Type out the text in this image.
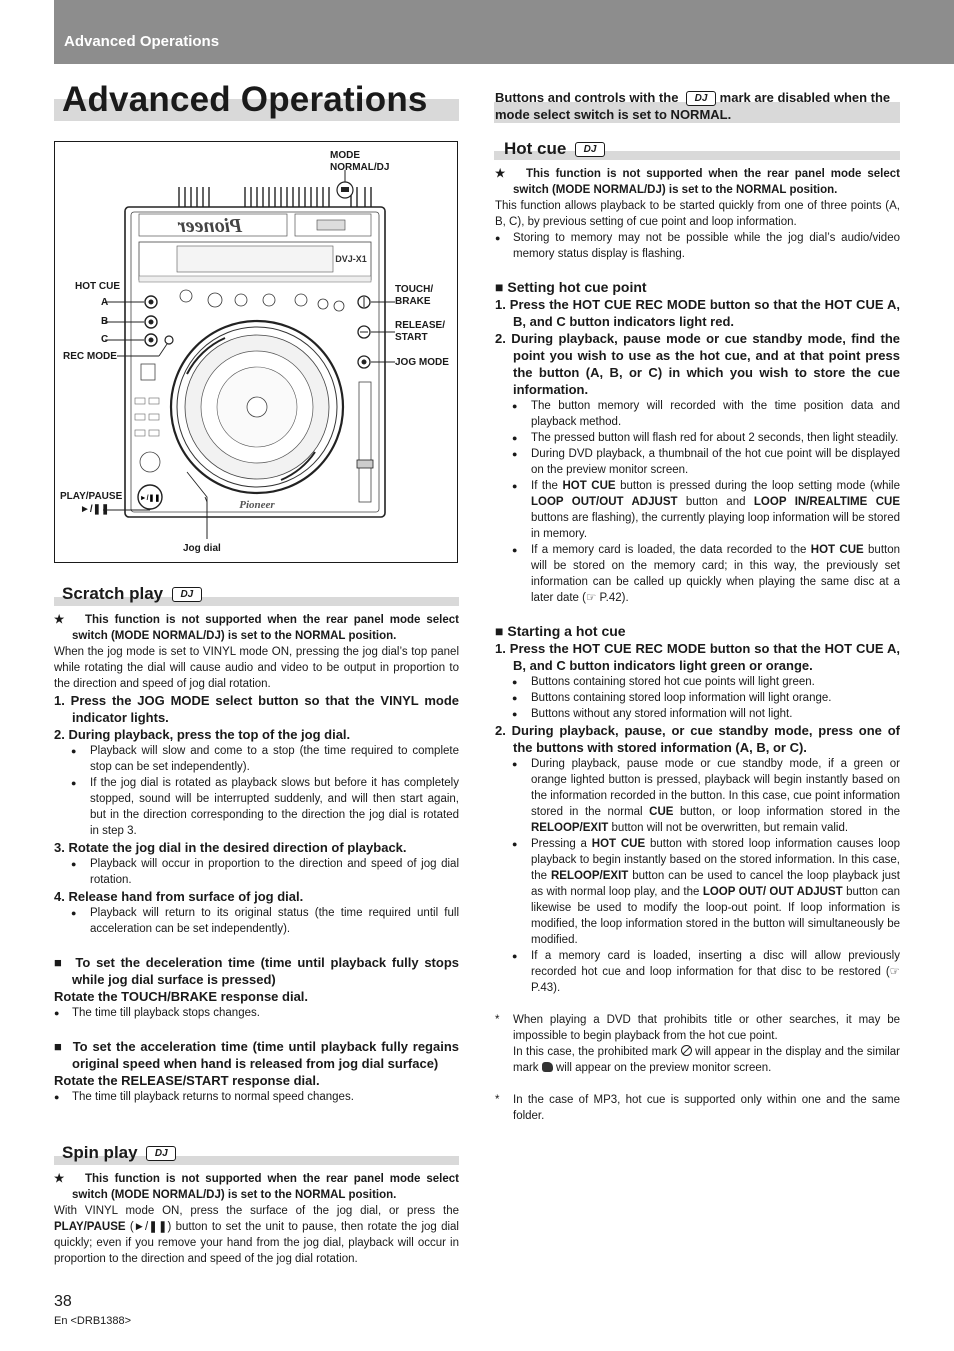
Advanced Operations
Advanced Operations	Buttons and controls with the DJ mark are disabled when the mode select switch is set to NORMAL.
Pioneer
DVJ-X1
►/❚❚
Pioneer
MODE
NORMAL/DJ
HOT CUE
A
B
C
REC MODE
TOUCH/
BRAKE
RELEASE/
START
JOG MODE
PLAY/PAUSE
►/❚❚
Jog dial
Scratch play DJ

★   This function is not supported when the rear panel mode select switch (MODE NORMAL/DJ) is set to the NORMAL position.

When the jog mode is set to VINYL mode ON, pressing the jog dial’s top panel while rotating the dial will cause audio and video to be output in proportion to the direction and speed of jog dial rotation.

1. Press the JOG MODE select button so that the VINYL mode indicator lights.

2. During playback, press the top of the jog dial.

● Playback will slow and come to a stop (the time required to complete stop can be set independently).

● If the jog dial is rotated as playback slows but before it has completely stopped, sound will be interrupted suddenly, and will then start again, but in the direction corresponding to the direction the jog dial is rotated in step 3.

3. Rotate the jog dial in the desired direction of playback.

● Playback will occur in proportion to the direction and speed of jog dial rotation.

4. Release hand from surface of jog dial.

● Playback will return to its original status (the time required until full acceleration can be set independently).

■  To set the deceleration time (time until playback fully stops while jog dial surface is pressed)

Rotate the TOUCH/BRAKE response dial.

● The time till playback stops changes.

■  To set the acceleration time (time until playback fully regains original speed when hand is released from jog dial surface)

Rotate the RELEASE/START response dial.

● The time till playback returns to normal speed changes.

Spin play DJ

★   This function is not supported when the rear panel mode select switch (MODE NORMAL/DJ) is set to the NORMAL position.

With VINYL mode ON, press the surface of the jog dial, or press the PLAY/PAUSE (►/❚❚) button to set the unit to pause, then rotate the jog dial quickly; even if you remove your hand from the jog dial, playback will occur in proportion to the direction and speed of the jog dial rotation.

Hot cue DJ

★   This function is not supported when the rear panel mode select switch (MODE NORMAL/DJ) is set to the NORMAL position.

This function allows playback to be started quickly from one of three points (A, B, C), by previous setting of cue point and loop information.

● Storing to memory may not be possible while the jog dial’s audio/video memory status display is flashing.

■ Setting hot cue point

1. Press the HOT CUE REC MODE button so that the HOT CUE A, B, and C button indicators light red.

2. During playback, pause mode or cue standby mode, find the point you wish to use as the hot cue, and at that point press the button (A, B, or C) in which you wish to store the cue information.

● The button memory will recorded with the time position data and playback method.

● The pressed button will flash red for about 2 seconds, then light steadily.

● During DVD playback, a thumbnail of the hot cue point will be displayed on the preview monitor screen.

● If the HOT CUE button is pressed during the loop setting mode (while LOOP OUT/OUT ADJUST button and LOOP IN/REALTIME CUE buttons are flashing), the currently playing loop information will be stored in memory.

● If a memory card is loaded, the data recorded to the HOT CUE button will be stored on the memory card; in this way, the previously set information can be called up quickly when playing the same disc at a later date (☞ P.42).

■ Starting a hot cue

1. Press the HOT CUE REC MODE button so that the HOT CUE A, B, and C button indicators light green or orange.

● Buttons containing stored hot cue points will light green.

● Buttons containing stored loop information will light orange.

● Buttons without any stored information will not light.

2. During playback, pause, or cue standby mode, press one of the buttons with stored information (A, B, or C).

● During playback, pause mode or cue standby mode, if a green or orange lighted button is pressed, playback will begin instantly based on the information recorded in the button. In this case, cue point information stored in the normal CUE button, or loop information stored in the RELOOP/EXIT button will not be overwritten, but remain valid.

● Pressing a HOT CUE button with stored loop information causes loop playback to begin instantly based on the stored information. In this case, the RELOOP/EXIT button can be used to cancel the loop playback just as with normal loop play, and the LOOP OUT/ OUT ADJUST button can likewise be used to modify the loop-out point. If loop information is modified, the loop information stored in the button will simultaneously be modified.

● If a memory card is loaded, inserting a disc will allow previously recorded hot cue and loop information for that disc to be restored (☞ P.43).

* When playing a DVD that prohibits title or other searches, it may be impossible to begin playback from the hot cue point.
In this case, the prohibited mark will appear in the display and the similar mark will appear on the preview monitor screen.

* In the case of MP3, hot cue is supported only within one and the same folder.

38
En <DRB1388>
